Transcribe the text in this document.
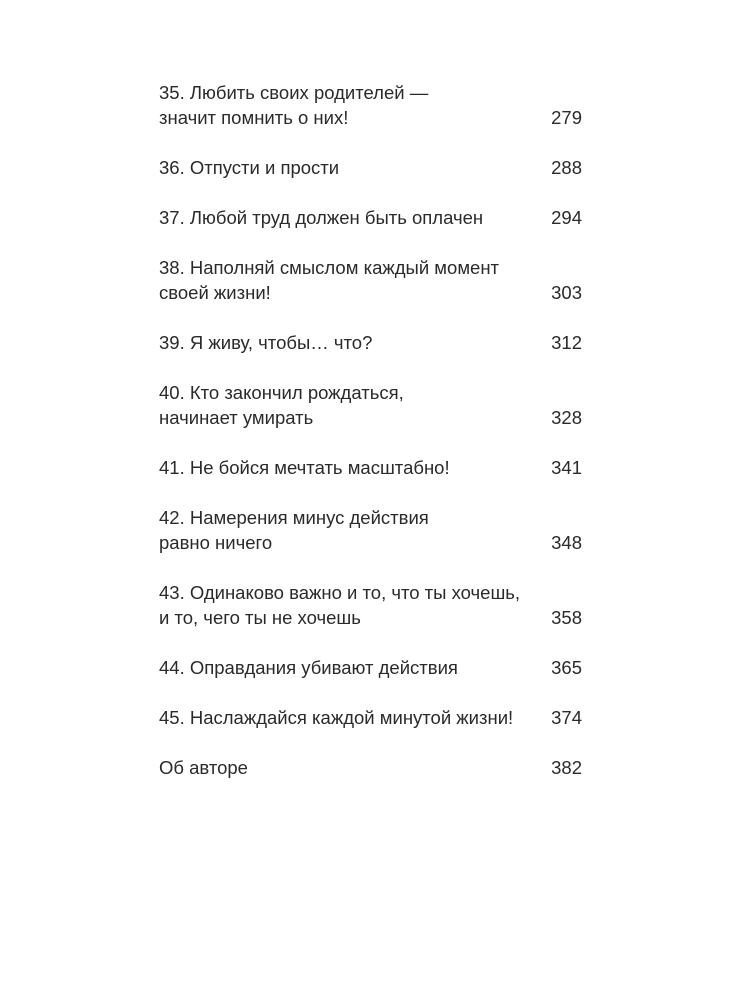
35. Любить своих родителей —
значит помнить о них!	279
36. Отпусти и прости	288
37. Любой труд должен быть оплачен	294
38. Наполняй смыслом каждый момент
своей жизни!	303
39. Я живу, чтобы… что?	312
40. Кто закончил рождаться,
начинает умирать	328
41. Не бойся мечтать масштабно!	341
42. Намерения минус действия
равно ничего	348
43. Одинаково важно и то, что ты хочешь,
и то, чего ты не хочешь	358
44. Оправдания убивают действия	365
45. Наслаждайся каждой минутой жизни!	374
Об авторе	382
